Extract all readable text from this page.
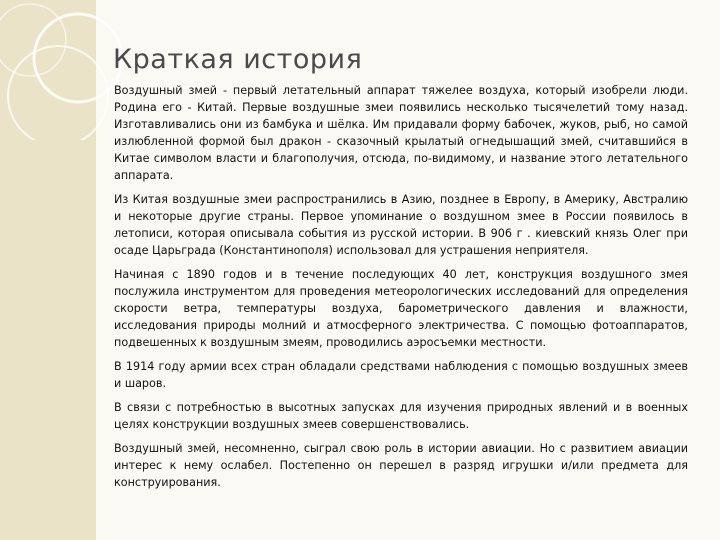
Краткая история

Воздушный змей - первый летательный аппарат тяжелее воздуха, который изобрели люди. Родина его - Китай. Первые воздушные змеи появились несколько тысячелетий тому назад. Изготавливались они из бамбука и шёлка. Им придавали форму бабочек, жуков, рыб, но самой излюбленной формой был дракон - сказочный крылатый огнедышащий змей, считавшийся в Китае символом власти и благополучия, отсюда, по-видимому, и название этого летательного аппарата.

Из Китая воздушные змеи распространились в Азию, позднее в Европу, в Америку, Австралию и некоторые другие страны. Первое упоминание о воздушном змее в России появилось в летописи, которая описывала события из русской истории. В 906 г . киевский князь Олег при осаде Царьграда (Константинополя) использовал для устрашения неприятеля.

Начиная с 1890 годов и в течение последующих 40 лет, конструкция воздушного змея послужила инструментом для проведения метеорологических исследований для определения скорости ветра, температуры воздуха, барометрического давления и влажности, исследования природы молний и атмосферного электричества. С помощью фотоаппаратов, подвешенных к воздушным змеям, проводились аэросъемки местности.

В 1914 году армии всех стран обладали средствами наблюдения с помощью воздушных змеев и шаров.

В связи с потребностью в высотных запусках для изучения природных явлений и в военных целях конструкции воздушных змеев совершенствовались.

Воздушный змей, несомненно, сыграл свою роль в истории авиации. Но с развитием авиации интерес к нему ослабел. Постепенно он перешел в разряд игрушки и/или предмета для конструирования.
